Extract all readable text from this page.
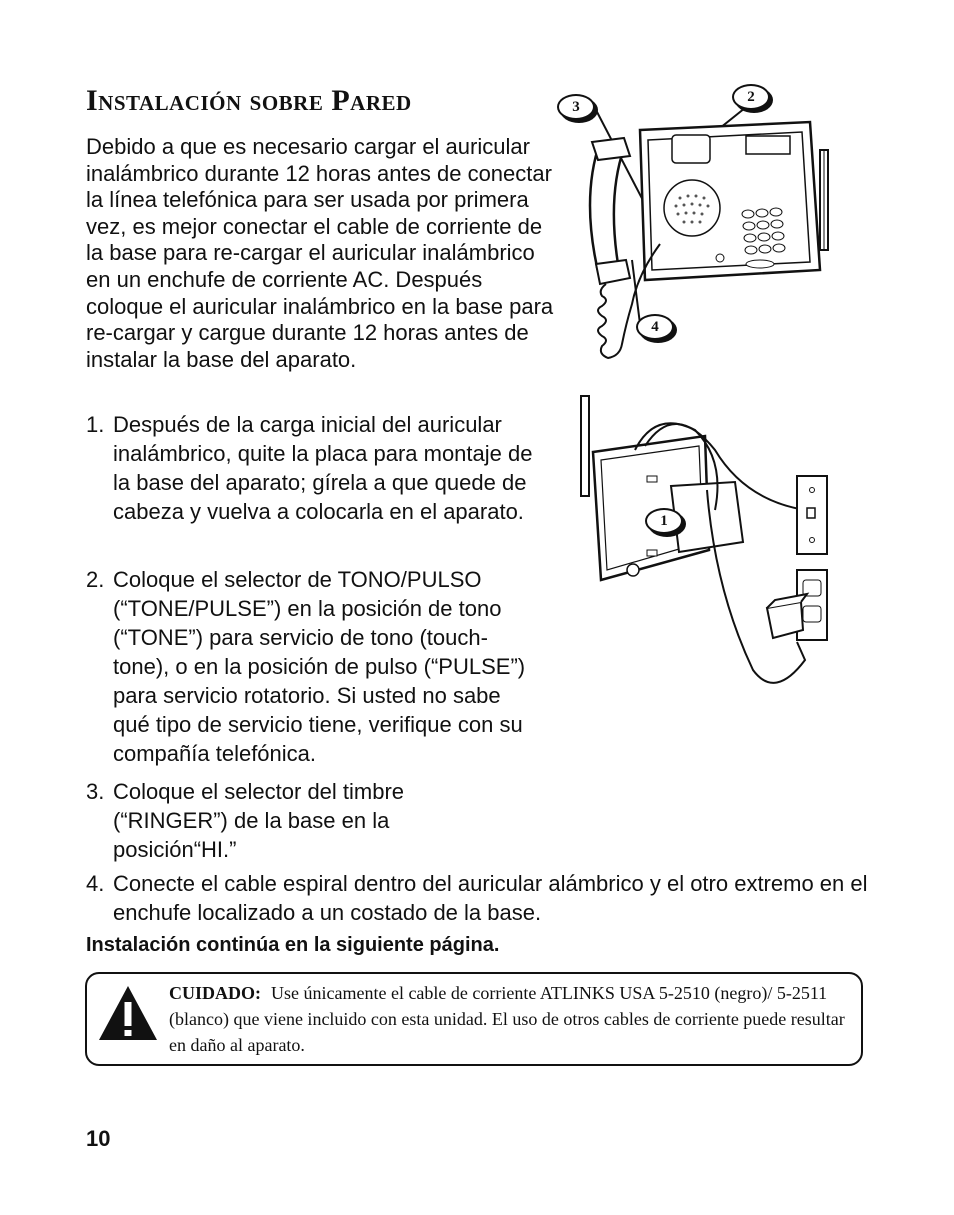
Instalación sobre Pared

Debido a que es necesario cargar el auricular inalámbrico durante 12 horas antes de conectar la línea telefónica para ser usada por primera vez, es mejor conectar el cable de corriente de la base para re-cargar el auricular inalámbrico en un enchufe de corriente AC. Después coloque el auricular inalámbrico en la base para re-cargar y cargue durante 12 horas antes de instalar la base del aparato.

1. Después de la carga inicial del auricular inalámbrico, quite la placa para montaje de la base del aparato; gírela a que quede de cabeza y vuelva a colocarla en el aparato.
2. Coloque el selector de TONO/PULSO (“TONE/PULSE”) en la posición de tono (“TONE”) para servicio de tono (touch-tone), o en la posición de pulso (“PULSE”) para servicio rotatorio. Si usted no sabe qué tipo de servicio tiene, verifique con su compañía telefónica.
3. Coloque el selector del timbre (“RINGER”) de la base en la posición“HI.”
4. Conecte el cable espiral dentro del auricular alámbrico y el otro extremo en el enchufe localizado a un costado de la base.
3
2
4
1

Instalación continúa en la siguiente página.

CUIDADO: Use únicamente el cable de corriente ATLINKS USA 5-2510 (negro)/ 5-2511 (blanco) que viene incluido con esta unidad. El uso de otros cables de corriente puede resultar en daño al aparato.

10
